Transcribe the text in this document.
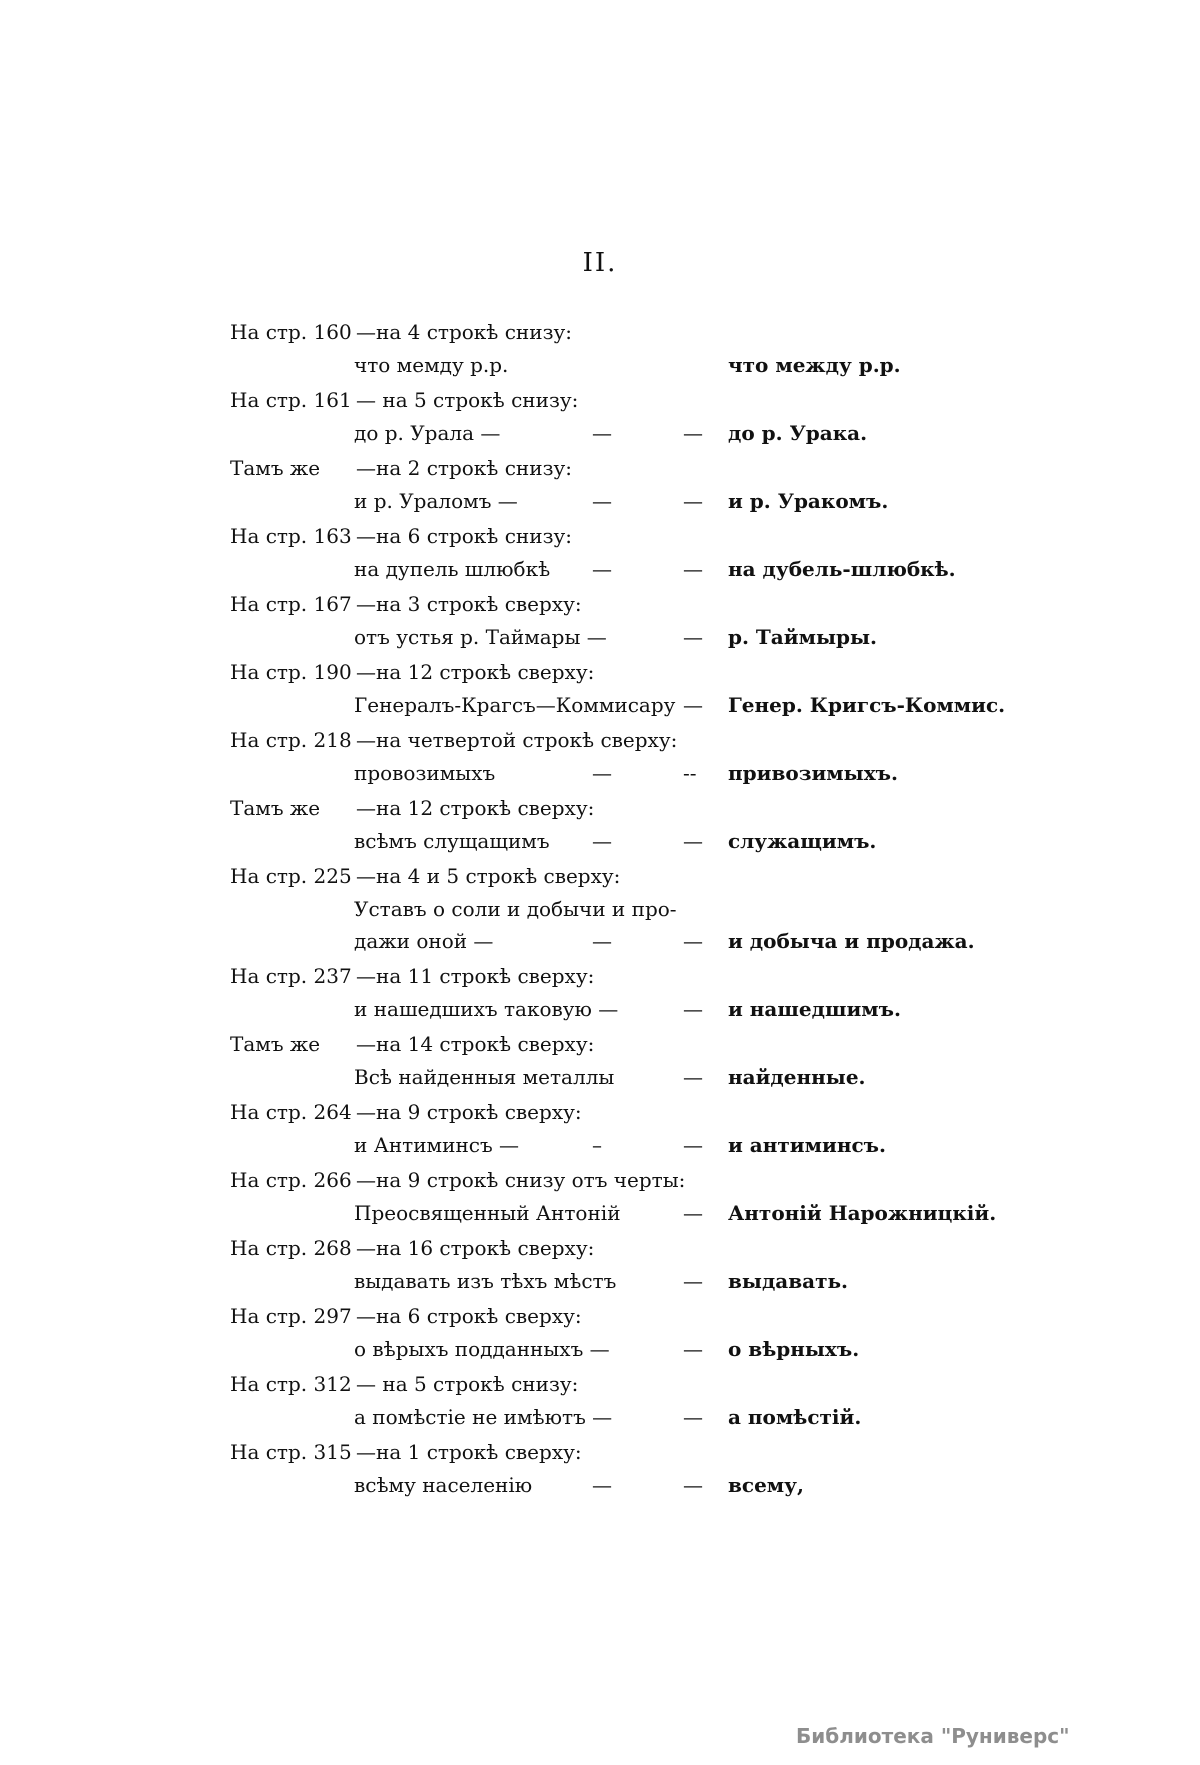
II.
На стр. 160 —на 4 строкѣ снизу:
что мемду р.р.	что между р.р.
На стр. 161 — на 5 строкѣ снизу:
до р. Урала —	—	— до р. Урака.
Тамъ же —на 2 строкѣ снизу:
и р. Ураломъ —	—	— и р. Уракомъ.
На стр. 163 —на 6 строкѣ снизу:
на дупель шлюбкѣ —	— на дубель-шлюбкѣ.
На стр. 167 —на 3 строкѣ сверху:
отъ устья р. Таймары —	— р. Таймыры.
На стр. 190 —на 12 строкѣ сверху:
Генералъ-Крагсъ—Коммисару — Генер. Кригсъ-Коммис.
На стр. 218 —на четвертой строкѣ сверху:
провозимыхъ	—	-- привозимыхъ.
Тамъ же —на 12 строкѣ сверху:
всѣмъ слущащимъ —	— служащимъ.
На стр. 225 —на 4 и 5 строкѣ сверху:
Уставъ о соли и добычи и про-
дажи оной —	—	— и добыча и продажа.
На стр. 237 —на 11 строкѣ сверху:
и нашедшихъ таковую —	— и нашедшимъ.
Тамъ же —на 14 строкѣ сверху:
Всѣ найденныя металлы	— найденные.
На стр. 264 —на 9 строкѣ сверху:
и Антиминсъ —	–	— и антиминсъ.
На стр. 266 —на 9 строкѣ снизу отъ черты:
Преосвященный Антоній	— Антоній Нарожницкій.
На стр. 268 —на 16 строкѣ сверху:
выдавать изъ тѣхъ мѣстъ	— выдавать.
На стр. 297 —на 6 строкѣ сверху:
о вѣрыхъ подданныхъ —	— о вѣрныхъ.
На стр. 312 — на 5 строкѣ снизу:
а помѣстіе не имѣютъ —	— а помѣстій.
На стр. 315 —на 1 строкѣ сверху:
всѣму населенію	—	— всему,
Библиотека "Руниверс"
